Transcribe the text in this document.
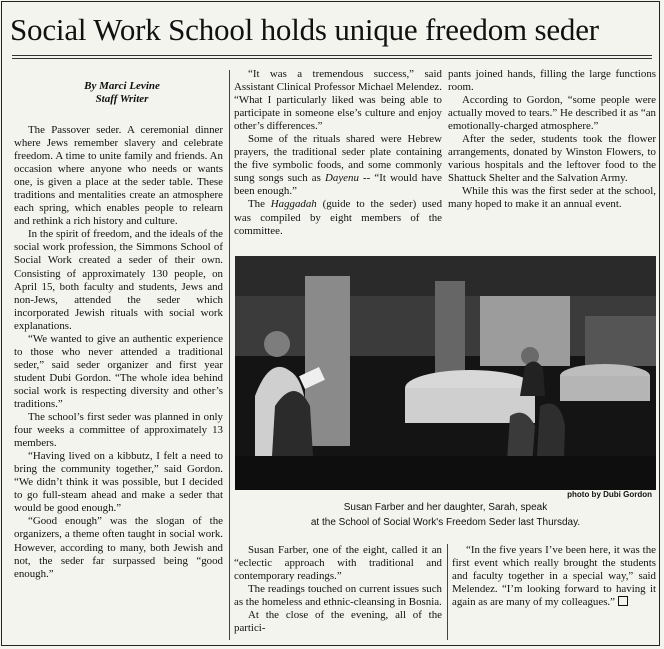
Social Work School holds unique freedom seder
By Marci Levine
Staff Writer

The Passover seder. A ceremonial dinner where Jews remember slavery and celebrate freedom. A time to unite family and friends. An occasion where anyone who needs or wants one, is given a place at the seder table. These traditions and mentalities create an atmosphere each spring, which enables people to relearn and rethink a rich history and culture.

In the spirit of freedom, and the ideals of the social work profession, the Simmons School of Social Work created a seder of their own. Consisting of approximately 130 people, on April 15, both faculty and students, Jews and non-Jews, attended the seder which incorporated Jewish rituals with social work explanations.

“We wanted to give an authentic experience to those who never attended a traditional seder,” said seder organizer and first year student Dubi Gordon. “The whole idea behind social work is respecting diversity and other’s traditions.”

The school’s first seder was planned in only four weeks a committee of approximately 13 members.

“Having lived on a kibbutz, I felt a need to bring the community together,” said Gordon. “We didn’t think it was possible, but I decided to go full-steam ahead and make a seder that would be good enough.”

“Good enough” was the slogan of the organizers, a theme often taught in social work. However, according to many, both Jewish and not, the seder far surpassed being “good enough.”

“It was a tremendous success,” said Assistant Clinical Professor Michael Melendez. “What I particularly liked was being able to participate in someone else’s culture and enjoy other’s differences.”

Some of the rituals shared were Hebrew prayers, the traditional seder plate containing the five symbolic foods, and some commonly sung songs such as Dayenu -- “It would have been enough.”

The Haggadah (guide to the seder) used was compiled by eight members of the committee.

pants joined hands, filling the large functions room.

According to Gordon, “some people were actually moved to tears.” He described it as “an emotionally-charged atmosphere.”

After the seder, students took the flower arrangements, donated by Winston Flowers, to various hospitals and the leftover food to the Shattuck Shelter and the Salvation Army.

While this was the first seder at the school, many hoped to make it an annual event.

photo by Dubi Gordon
Susan Farber and her daughter, Sarah, speak
at the School of Social Work's Freedom Seder last Thursday.

Susan Farber, one of the eight, called it an “eclectic approach with traditional and contemporary readings.”

The readings touched on current issues such as the homeless and ethnic-cleansing in Bosnia.

At the close of the evening, all of the partici-

“In the five years I’ve been here, it was the first event which really brought the students and faculty together in a special way,” said Melendez. “I’m looking forward to having it again as are many of my colleagues.”
